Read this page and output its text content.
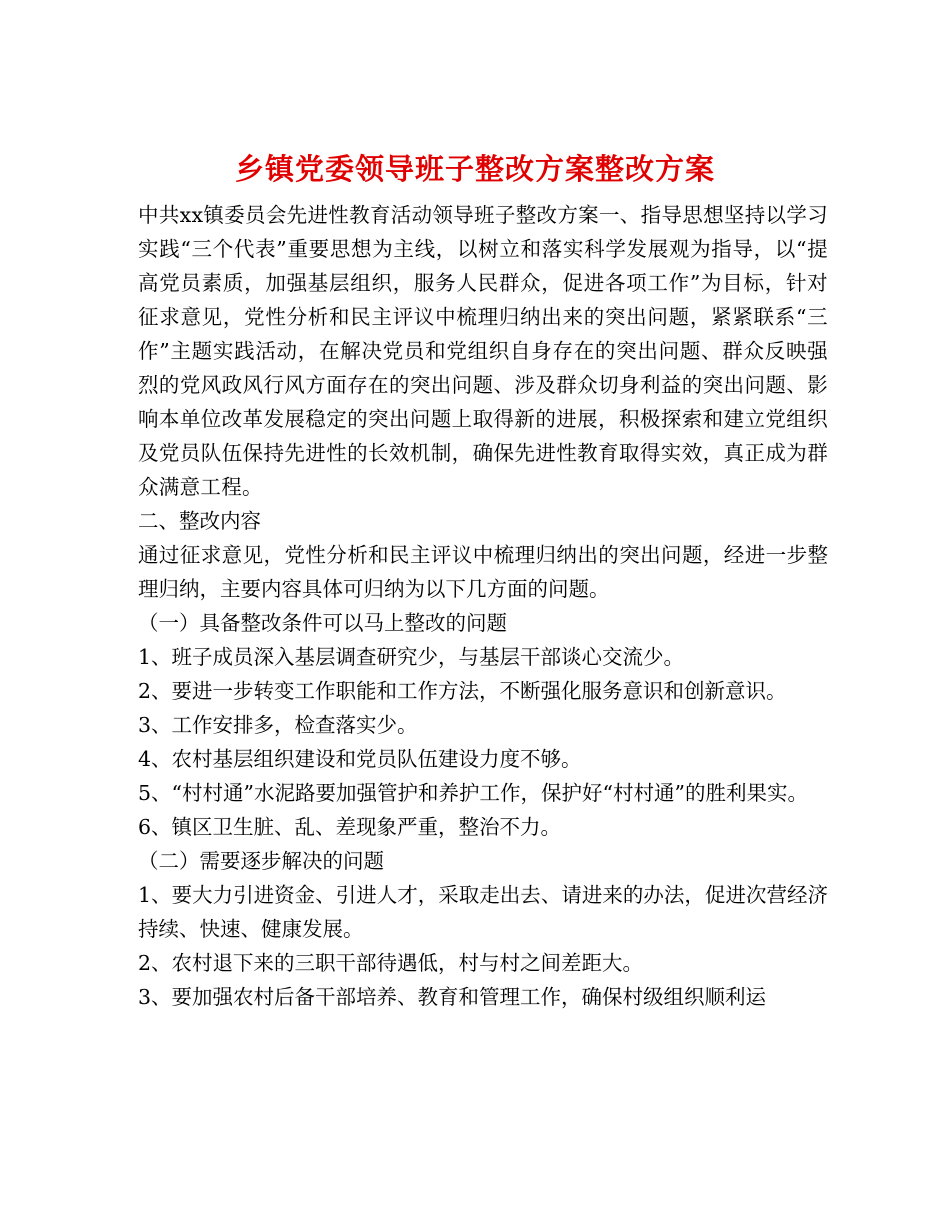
乡镇党委领导班子整改方案整改方案

中共xx镇委员会先进性教育活动领导班子整改方案一、指导思想坚持以学习实践“三个代表”重要思想为主线，以树立和落实科学发展观为指导，以“提高党员素质，加强基层组织，服务人民群众，促进各项工作”为目标，针对征求意见，党性分析和民主评议中梳理归纳出来的突出问题，紧紧联系“三作”主题实践活动，在解决党员和党组织自身存在的突出问题、群众反映强烈的党风政风行风方面存在的突出问题、涉及群众切身利益的突出问题、影响本单位改革发展稳定的突出问题上取得新的进展，积极探索和建立党组织及党员队伍保持先进性的长效机制，确保先进性教育取得实效，真正成为群众满意工程。

二、整改内容

通过征求意见，党性分析和民主评议中梳理归纳出的突出问题，经进一步整理归纳，主要内容具体可归纳为以下几方面的问题。

（一）具备整改条件可以马上整改的问题

1、班子成员深入基层调查研究少，与基层干部谈心交流少。

2、要进一步转变工作职能和工作方法，不断强化服务意识和创新意识。

3、工作安排多，检查落实少。

4、农村基层组织建设和党员队伍建设力度不够。

5、“村村通”水泥路要加强管护和养护工作，保护好“村村通”的胜利果实。

6、镇区卫生脏、乱、差现象严重，整治不力。

（二）需要逐步解决的问题

1、要大力引进资金、引进人才，采取走出去、请进来的办法，促进次营经济持续、快速、健康发展。

2、农村退下来的三职干部待遇低，村与村之间差距大。

3、要加强农村后备干部培养、教育和管理工作，确保村级组织顺利运
